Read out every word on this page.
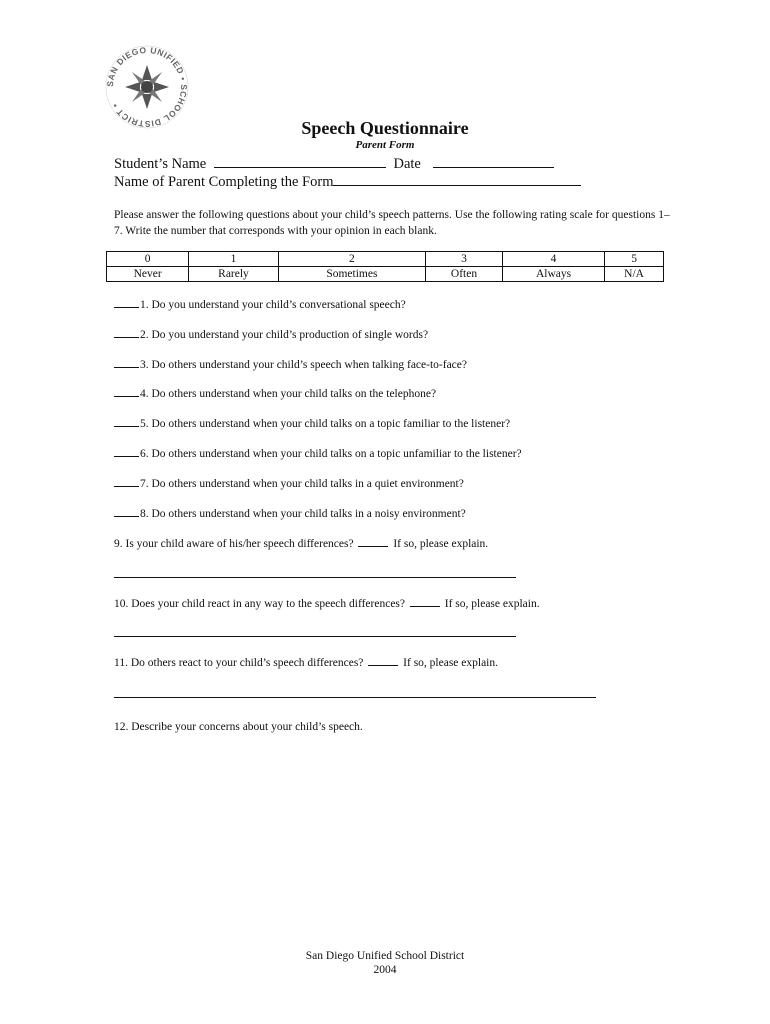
SAN DIEGO UNIFIED • SCHOOL DISTRICT •
Speech Questionnaire
Parent Form
Student’s Name	Date
Name of Parent Completing the Form
Please answer the following questions about your child’s speech patterns. Use the following rating scale for questions 1–7. Write the number that corresponds with your opinion in each blank.
0	1	2	3	4	5
Never	Rarely	Sometimes	Often	Always	N/A
1. Do you understand your child’s conversational speech?
2. Do you understand your child’s production of single words?
3. Do others understand your child’s speech when talking face-to-face?
4. Do others understand when your child talks on the telephone?
5. Do others understand when your child talks on a topic familiar to the listener?
6. Do others understand when your child talks on a topic unfamiliar to the listener?
7. Do others understand when your child talks in a quiet environment?
8. Do others understand when your child talks in a noisy environment?
9. Is your child aware of his/her speech differences?	If so, please explain.
10. Does your child react in any way to the speech differences?	If so, please explain.
11. Do others react to your child’s speech differences?	If so, please explain.
12. Describe your concerns about your child’s speech.
San Diego Unified School District
2004
